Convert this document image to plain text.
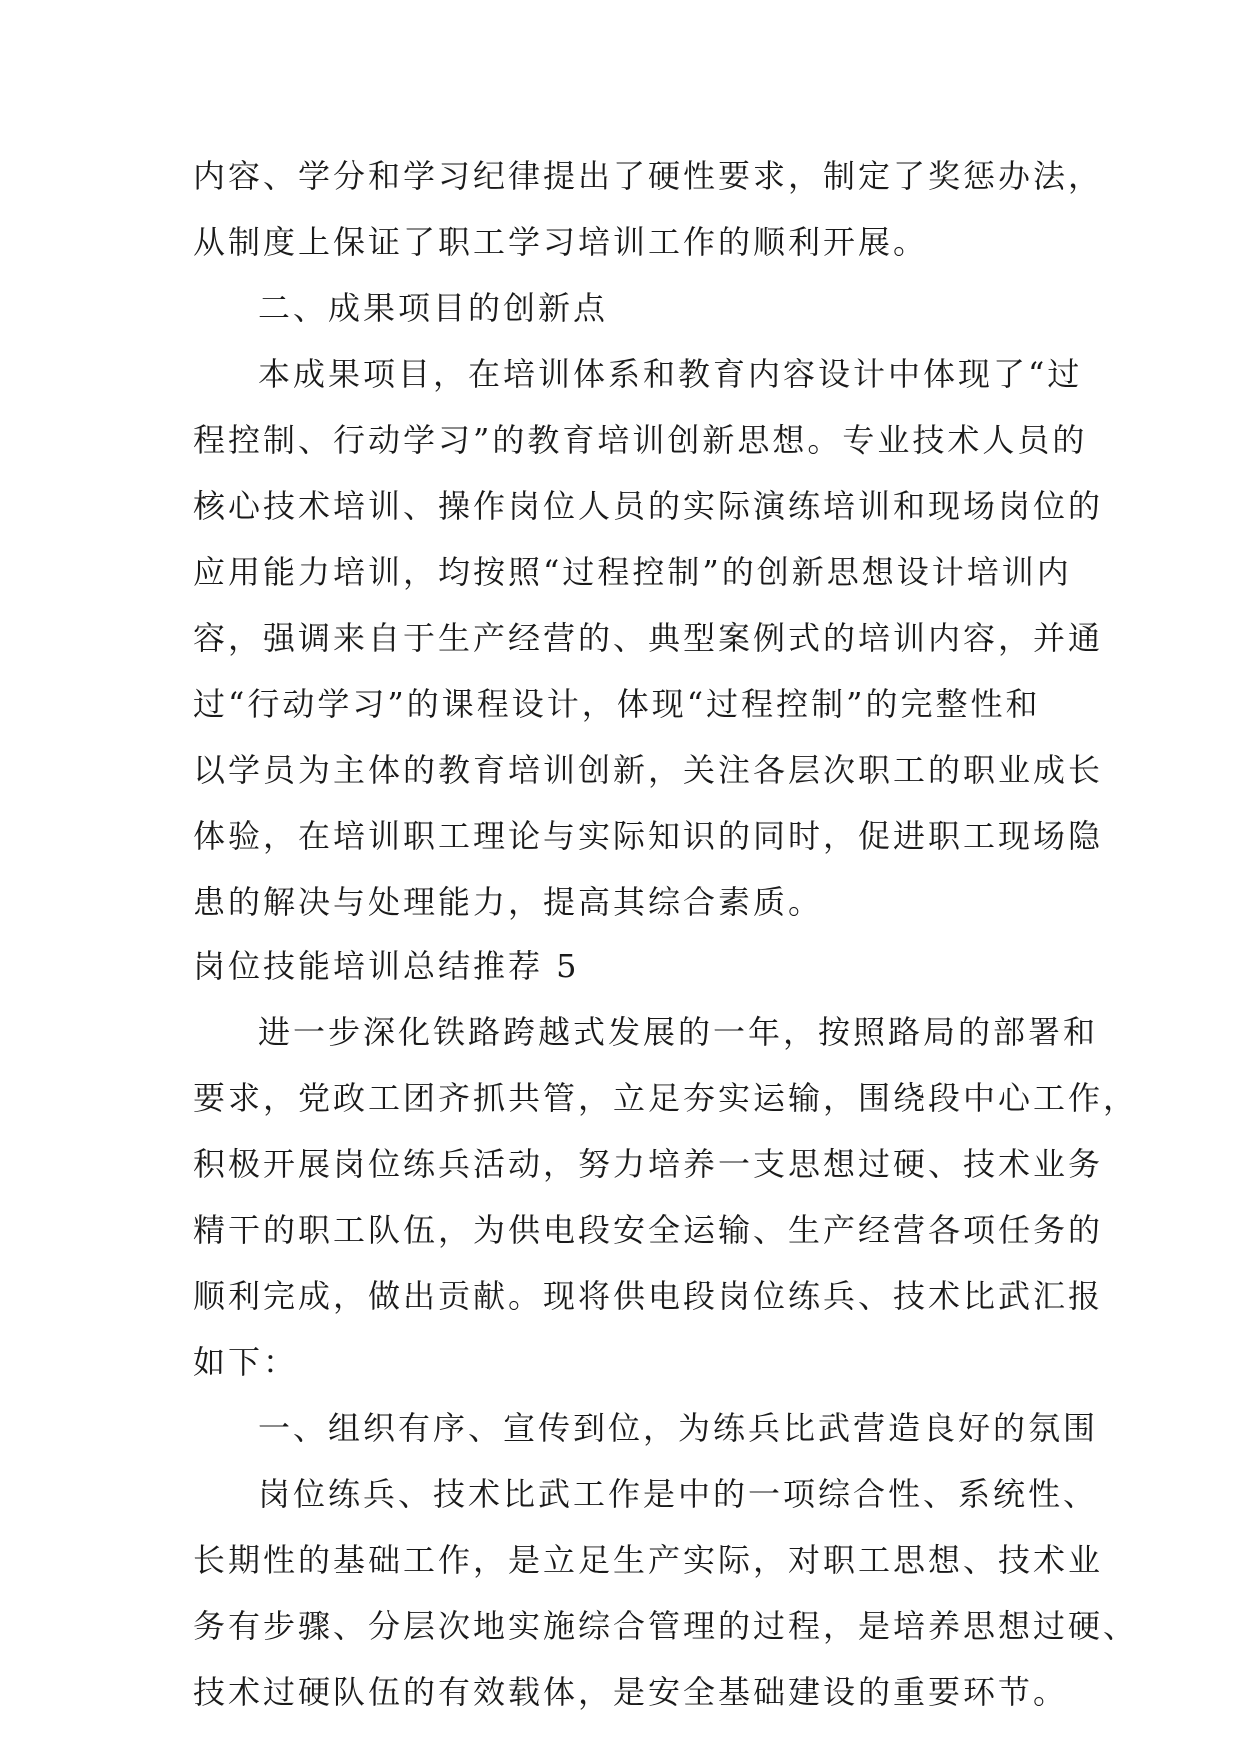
内容、学分和学习纪律提出了硬性要求，制定了奖惩办法，
从制度上保证了职工学习培训工作的顺利开展。
二、成果项目的创新点
本成果项目，在培训体系和教育内容设计中体现了“过
程控制、行动学习”的教育培训创新思想。专业技术人员的
核心技术培训、操作岗位人员的实际演练培训和现场岗位的
应用能力培训，均按照“过程控制”的创新思想设计培训内
容，强调来自于生产经营的、典型案例式的培训内容，并通
过“行动学习”的课程设计，体现“过程控制”的完整性和
以学员为主体的教育培训创新，关注各层次职工的职业成长
体验，在培训职工理论与实际知识的同时，促进职工现场隐
患的解决与处理能力，提高其综合素质。
岗位技能培训总结推荐 5
进一步深化铁路跨越式发展的一年，按照路局的部署和
要求，党政工团齐抓共管，立足夯实运输，围绕段中心工作，
积极开展岗位练兵活动，努力培养一支思想过硬、技术业务
精干的职工队伍，为供电段安全运输、生产经营各项任务的
顺利完成，做出贡献。现将供电段岗位练兵、技术比武汇报
如下：
一、组织有序、宣传到位，为练兵比武营造良好的氛围
岗位练兵、技术比武工作是中的一项综合性、系统性、
长期性的基础工作，是立足生产实际，对职工思想、技术业
务有步骤、分层次地实施综合管理的过程，是培养思想过硬、
技术过硬队伍的有效载体，是安全基础建设的重要环节。
